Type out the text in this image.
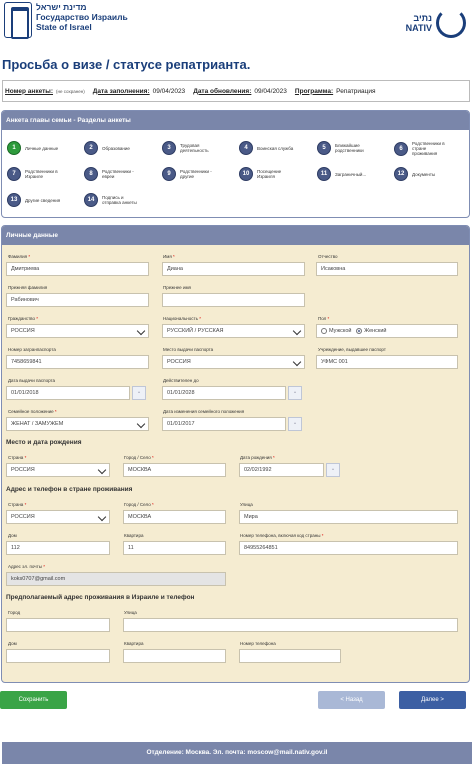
מדינת ישראל
Государство Израиль
State of Israel
נתיב
NATIV
Просьба о визе / статусе репатрианта.
Номер анкеты: (не сохранен) Дата заполнения: 09/04/2023 Дата обновления: 09/04/2023 Программа: Репатриация
Анкета главы семьи - Разделы анкеты
1	Личные данные	2	Образование	3	Трудовая деятельность	4	Воинская служба	5	Ближайшие родственники	6
Родственники в стране проживания
7	Родственники в Израиле	8	Родственники - евреи	9	Родственники - другие	10	Посещение Израиля	11	Заграничный...	12	Документы
13	Другие сведения	14	Подпись и отправка анкеты
Личные данные
Фамилия *
Дмитриева
Имя *
Диана
Отчество
Исаковна
Прежняя фамилия
Рабинович
Прежнее имя
Гражданство *
РОССИЯ
Национальность *
РУССКИЙ / РУССКАЯ
Пол *
Мужской Женский
Номер загранпаспорта
7458659841
Место выдачи паспорта
РОССИЯ
Учреждение, выдавшее паспорт
УФМС 001
Дата выдачи паспорта
01/01/2018	▫
Действителен до
01/01/2028	▫
Семейное положение *
ЖЕНАТ / ЗАМУЖЕМ
Дата изменения семейного положения
01/01/2017	▫
Место и дата рождения
Страна *
РОССИЯ
Город / Село *
МОСКВА
Дата рождения *
02/02/1992	▫
Адрес и телефон в стране проживания
Страна *
РОССИЯ
Город / Село *
МОСКВА
Улица
Мира
Дом
112
Квартира
11
Номер телефона, включая код страны *
84955264851
Адрес эл. почты *
koks0707@gmail.com
Предполагаемый адрес проживания в Израиле и телефон
Город	Улица
Дом	Квартира	Номер телефона
Сохранить	< Назад	Далее >
Отделение: Москва. Эл. почта: moscow@mail.nativ.gov.il
